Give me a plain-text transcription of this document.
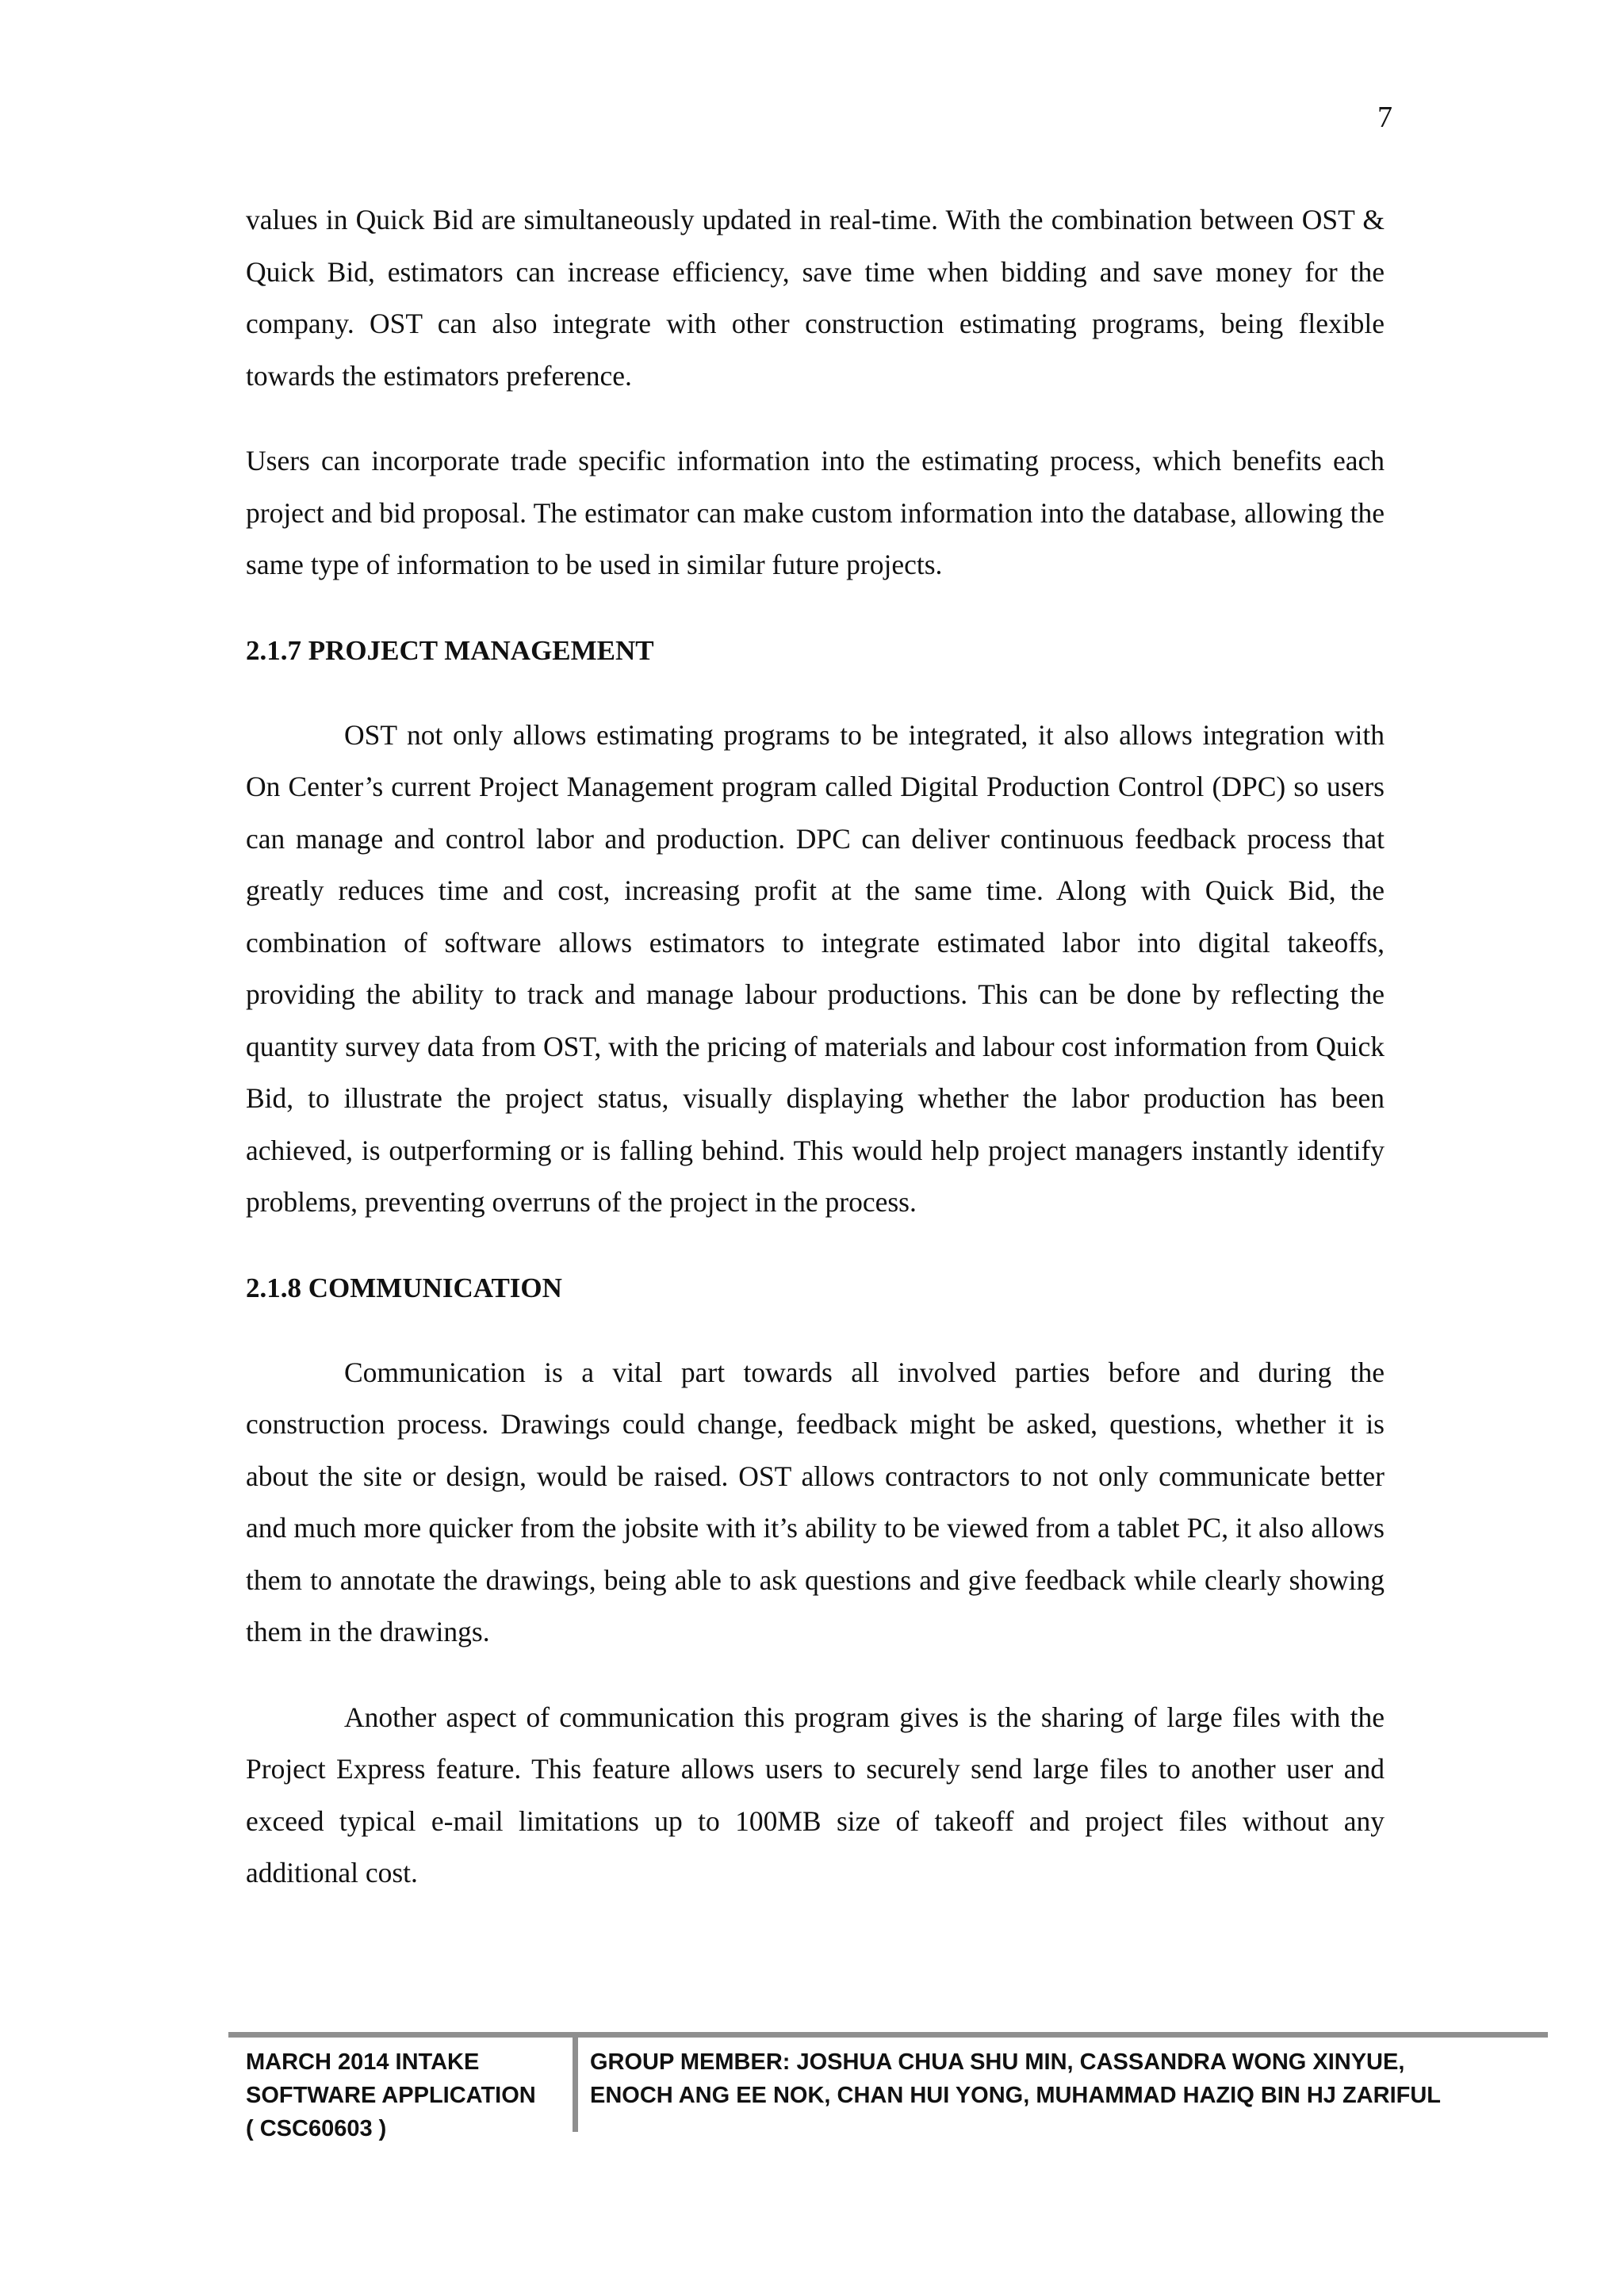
7

values in Quick Bid are simultaneously updated in real-time. With the combination between OST & Quick Bid, estimators can increase efficiency, save time when bidding and save money for the company. OST can also integrate with other construction estimating programs, being flexible towards the estimators preference.

Users can incorporate trade specific information into the estimating process, which benefits each project and bid proposal. The estimator can make custom information into the database, allowing the same type of information to be used in similar future projects.

2.1.7 PROJECT MANAGEMENT

OST not only allows estimating programs to be integrated, it also allows integration with On Center’s current Project Management program called Digital Production Control (DPC) so users can manage and control labor and production. DPC can deliver continuous feedback process that greatly reduces time and cost, increasing profit at the same time. Along with Quick Bid, the combination of software allows estimators to integrate estimated labor into digital takeoffs, providing the ability to track and manage labour productions. This can be done by reflecting the quantity survey data from OST, with the pricing of materials and labour cost information from Quick Bid, to illustrate the project status, visually displaying whether the labor production has been achieved, is outperforming or is falling behind. This would help project managers instantly identify problems, preventing overruns of the project in the process.

2.1.8 COMMUNICATION

Communication is a vital part towards all involved parties before and during the construction process. Drawings could change, feedback might be asked, questions, whether it is about the site or design, would be raised. OST allows contractors to not only communicate better and much more quicker from the jobsite with it’s ability to be viewed from a tablet PC, it also allows them to annotate the drawings, being able to ask questions and give feedback while clearly showing them in the drawings.

Another aspect of communication this program gives is the sharing of large files with the Project Express feature. This feature allows users to securely send large files to another user and exceed typical e-mail limitations up to 100MB size of takeoff and project files without any additional cost.

MARCH 2014 INTAKE
SOFTWARE APPLICATION
( CSC60603 )
GROUP MEMBER: JOSHUA CHUA SHU MIN, CASSANDRA WONG XINYUE,
ENOCH ANG EE NOK, CHAN HUI YONG, MUHAMMAD HAZIQ BIN HJ ZARIFUL
